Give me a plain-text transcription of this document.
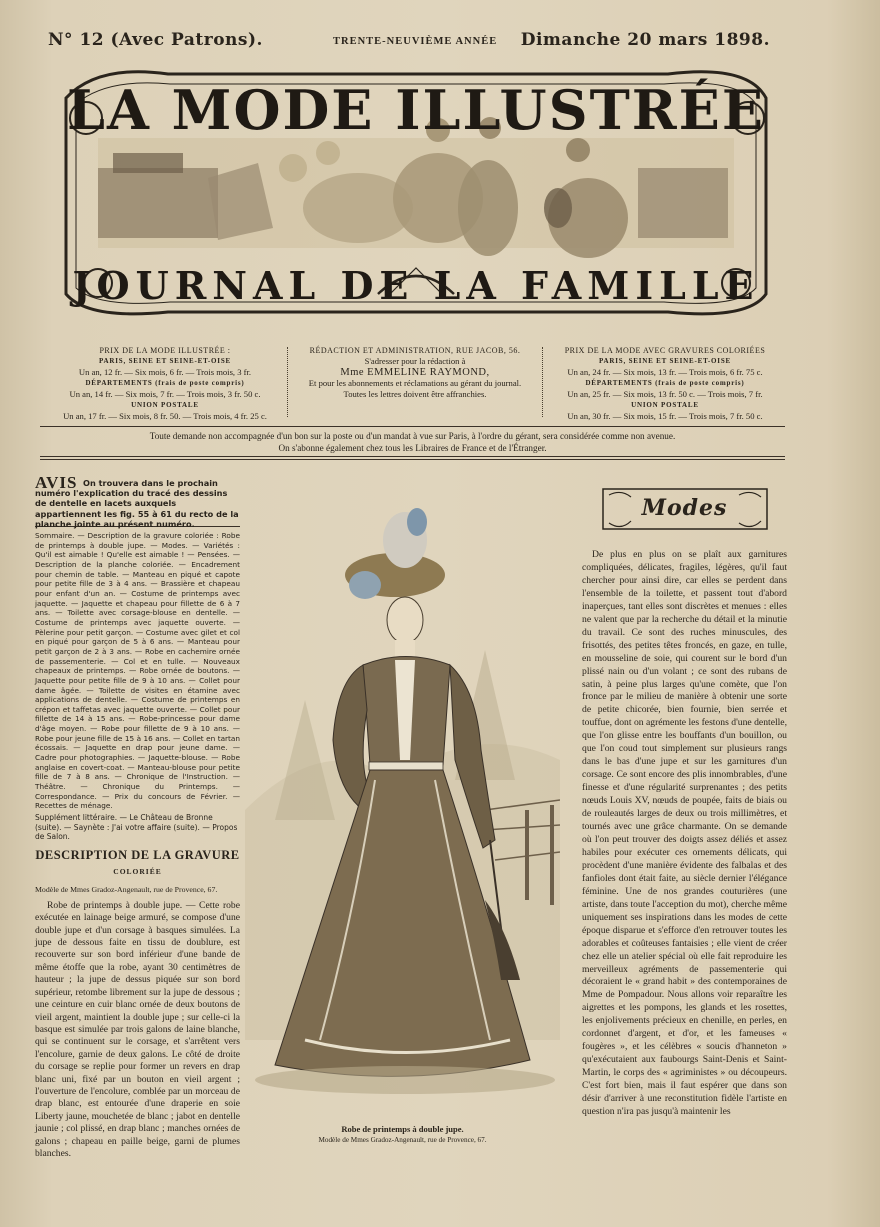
N° 12 (Avec Patrons).	TRENTE-NEUVIÈME ANNÉE Dimanche 20 mars 1898.
LA MODE ILLUSTRÉE
JOURNAL DE LA FAMILLE
PRIX DE LA MODE ILLUSTRÉE :
PARIS, SEINE ET SEINE-ET-OISE
Un an, 12 fr. — Six mois, 6 fr. — Trois mois, 3 fr.
DÉPARTEMENTS (frais de poste compris)
Un an, 14 fr. — Six mois, 7 fr. — Trois mois, 3 fr. 50 c.
UNION POSTALE
Un an, 17 fr. — Six mois, 8 fr. 50. — Trois mois, 4 fr. 25 c.
RÉDACTION ET ADMINISTRATION, RUE JACOB, 56.
S'adresser pour la rédaction à
Mme EMMELINE RAYMOND,
Et pour les abonnements et réclamations au gérant du journal.
Toutes les lettres doivent être affranchies.
PRIX DE LA MODE AVEC GRAVURES COLORIÉES
PARIS, SEINE ET SEINE-ET-OISE
Un an, 24 fr. — Six mois, 13 fr. — Trois mois, 6 fr. 75 c.
DÉPARTEMENTS (frais de poste compris)
Un an, 25 fr. — Six mois, 13 fr. 50 c. — Trois mois, 7 fr.
UNION POSTALE
Un an, 30 fr. — Six mois, 15 fr. — Trois mois, 7 fr. 50 c.
Toute demande non accompagnée d'un bon sur la poste ou d'un mandat à vue sur Paris, à l'ordre du gérant, sera considérée comme non avenue.
On s'abonne également chez tous les Libraires de France et de l'Étranger.
AVIS On trouvera dans le prochain numéro l'explication du tracé des dessins de dentelle en lacets auxquels appartiennent les fig. 55 à 61 du recto de la planche jointe au présent numéro.
Sommaire. — Description de la gravure coloriée : Robe de printemps à double jupe. — Modes. — Variétés : Qu'il est aimable ! Qu'elle est aimable ! — Pensées. — Description de la planche coloriée. — Encadrement pour chemin de table. — Manteau en piqué et capote pour petite fille de 3 à 4 ans. — Brassière et chapeau pour enfant d'un an. — Costume de printemps avec jaquette. — Jaquette et chapeau pour fillette de 6 à 7 ans. — Toilette avec corsage-blouse en dentelle. — Costume de printemps avec jaquette ouverte. — Pèlerine pour petit garçon. — Costume avec gilet et col en piqué pour garçon de 5 à 6 ans. — Manteau pour petit garçon de 2 à 3 ans. — Robe en cachemire ornée de passementerie. — Col et en tulle. — Nouveaux chapeaux de printemps. — Robe ornée de boutons. — Jaquette pour petite fille de 9 à 10 ans. — Collet pour dame âgée. — Toilette de visites en étamine avec applications de dentelle. — Costume de printemps en crépon et taffetas avec jaquette ouverte. — Collet pour fillette de 14 à 15 ans. — Robe-princesse pour dame d'âge moyen. — Robe pour fillette de 9 à 10 ans. — Robe pour jeune fille de 15 à 16 ans. — Collet en tartan écossais. — Jaquette en drap pour jeune dame. — Cadre pour photographies. — Jaquette-blouse. — Robe anglaise en covert-coat. — Manteau-blouse pour petite fille de 7 à 8 ans. — Chronique de l'Instruction. — Théâtre. — Chronique du Printemps. — Correspondance. — Prix du concours de Février. — Recettes de ménage.
Supplément littéraire. — Le Château de Bronne (suite). — Saynète : J'ai votre affaire (suite). — Propos de Salon.
DESCRIPTION DE LA GRAVURE
COLORIÉE
Modèle de Mmes Gradoz-Angenault, rue de Provence, 67.
Robe de printemps à double jupe. — Cette robe exécutée en lainage beige armuré, se compose d'une double jupe et d'un corsage à basques simulées. La jupe de dessous faite en tissu de doublure, est recouverte sur son bord inférieur d'une bande de même étoffe que la robe, ayant 30 centimètres de hauteur ; la jupe de dessus piquée sur son bord supérieur, retombe librement sur la jupe de dessous ; une ceinture en cuir blanc ornée de deux boutons de vieil argent, maintient la double jupe ; sur celle-ci la basque est simulée par trois galons de laine blanche, qui se continuent sur le corsage, et s'arrêtent vers l'encolure, garnie de deux galons. Le côté de droite du corsage se replie pour former un revers en drap blanc uni, fixé par un bouton en vieil argent ; l'ouverture de l'encolure, comblée par un morceau de drap blanc, est entourée d'une draperie en soie Liberty jaune, mouchetée de blanc ; jabot en dentelle jaunie ; col plissé, en drap blanc ; manches ornées de galons ; chapeau en paille beige, garni de plumes blanches.
Robe de printemps à double jupe.
Modèle de Mmes Gradoz-Angenault, rue de Provence, 67.
Modes
De plus en plus on se plaît aux garnitures compliquées, délicates, fragiles, légères, qu'il faut chercher pour ainsi dire, car elles se perdent dans l'ensemble de la toilette, et passent tout d'abord inaperçues, tant elles sont discrètes et menues : elles ne valent que par la recherche du détail et la minutie du travail. Ce sont des ruches minuscules, des frisottés, des petites têtes froncés, en gaze, en tulle, en mousseline de soie, qui courent sur le bord d'un plissé nain ou d'un volant ; ce sont des rubans de satin, à peine plus larges qu'une comète, que l'on fronce par le milieu de manière à obtenir une sorte de petite chicorée, bien fournie, bien serrée et touffue, dont on agrémente les festons d'une dentelle, que l'on glisse entre les bouffants d'un bouillon, ou que l'on coud tout simplement sur plusieurs rangs dans le bas d'une jupe et sur les garnitures d'un corsage. Ce sont encore des plis innombrables, d'une finesse et d'une régularité surprenantes ; des petits nœuds Louis XV, nœuds de poupée, faits de biais ou de rouleautés larges de deux ou trois millimètres, et tournés avec une grâce charmante. On se demande où l'on peut trouver des doigts assez déliés et assez habiles pour exécuter ces ornements délicats, qui procèdent d'une manière évidente des falbalas et des fanfioles dont était faite, au siècle dernier l'élégance féminine. Une de nos grandes couturières (une artiste, dans toute l'acception du mot), cherche même uniquement ses inspirations dans les modes de cette époque disparue et s'efforce d'en retrouver toutes les adorables et coûteuses fantaisies ; elle vient de créer chez elle un atelier spécial où elle fait reproduire les merveilleux agréments de passementerie qui décoraient le « grand habit » des contemporaines de Mme de Pompadour. Nous allons voir reparaître les aigrettes et les pompons, les glands et les rosettes, les enjolivements précieux en chenille, en perles, en cordonnet d'argent, et d'or, et les fameuses « fougères », et les célèbres « soucis d'hanneton » qu'exécutaient aux faubourgs Saint-Denis et Saint-Martin, le corps des « agriministes » ou découpeurs. C'est fort bien, mais il faut espérer que dans son désir d'arriver à une reconstitution fidèle l'artiste en question n'ira pas jusqu'à maintenir les
